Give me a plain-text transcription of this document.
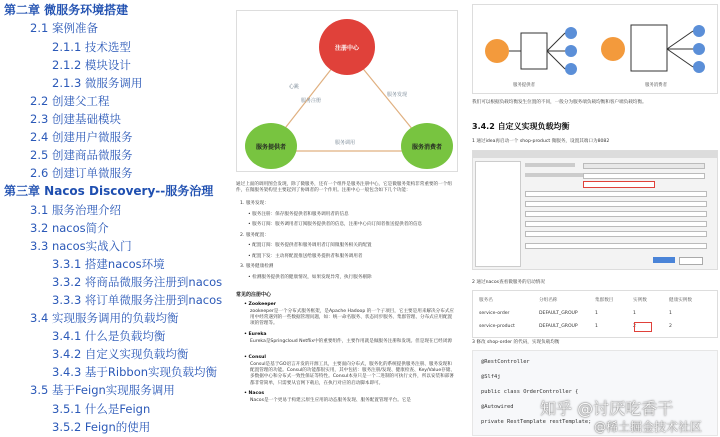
第二章 微服务环境搭建
2.1 案例准备
2.1.1 技术选型
2.1.2 模块设计
2.1.3 微服务调用
2.2 创建父工程
2.3 创建基础模块
2.4 创建用户微服务
2.5 创建商品微服务
2.6 创建订单微服务
第三章 Nacos Discovery--服务治理
3.1 服务治理介绍
3.2 nacos简介
3.3 nacos实战入门
3.3.1 搭建nacos环境
3.3.2 将商品微服务注册到nacos
3.3.3 将订单微服务注册到nacos
3.4 实现服务调用的负载均衡
3.4.1 什么是负载均衡
3.4.2 自定义实现负载均衡
3.4.3 基于Ribbon实现负载均衡
3.5 基于Feign实现服务调用
3.5.1 什么是Feign
3.5.2 Feign的使用
注册中心
服务提供者	服务消费者
心跳
服务注册
服务发现
服务调用
通过上面的调用图会发现，除了微服务，还有一个组件是服务注册中心，它是微服务架构非常重要的一个组件，在微服务架构里主要起到了协调者的一个作用。注册中心一般包含如下几个功能：
1. 服务发现：
• 服务注册：保存服务提供者和服务调用者的信息
• 服务订阅：服务调用者订阅服务提供者的信息，注册中心向订阅者推送提供者的信息
2. 服务配置：
• 配置订阅：服务提供者和服务调用者订阅微服务相关的配置
• 配置下发：主动将配置推送给服务提供者和服务调用者
3. 服务健康检测
• 检测服务提供者的健康情况，如果发现异常，执行服务剔除
常见的注册中心
• Zookeeper
zookeeper是一个分布式服务框架，是Apache Hadoop 的一个子项目，它主要是用来解决分布式应用中经常遇到的一些数据管理问题，如：统一命名服务、状态同步服务、集群管理、分布式应用配置项的管理等。
• Eureka
Eureka是Springcloud Netflix中的重要组件，主要作用就是做服务注册和发现。但是现在已经闭源
• Consul
Consul是基于GO语言开发的开源工具，主要面向分布式，服务化的系统提供服务注册、服务发现和配置管理的功能。Consul的功能都很实用，其中包括：服务注册/发现、健康检查、Key/Value存储、多数据中心和分布式一致性保证等特性。Consul本身只是一个二进制的可执行文件，所以安装和部署都非常简单，只需要从官网下载后，在执行对应的启动脚本即可。
• Nacos
Nacos是一个更易于构建云原生应用的动态服务发现、服务配置管理平台。它是
服务提供者	服务消费者
我们可以根据负载均衡发生位置的不同，一般分为服务端负载均衡和客户端负载均衡。
3.4.2 自定义实现负载均衡
1 通过idea再启动一个 shop-product 微服务，设置其端口为8082
2 通过nacos查看微服务的启动情况
服务名	分组名称	集群数目	实例数	健康实例数
service-order	DEFAULT_GROUP	1	1	1
service-product	DEFAULT_GROUP	1	2	2
3 修改 shop-order 的代码，实现负载均衡
@RestController
@Slf4j
public class OrderController {
@Autowired
private RestTemplate restTemplate;
知乎 @讨厌吃香干
@稀土掘金技术社区
